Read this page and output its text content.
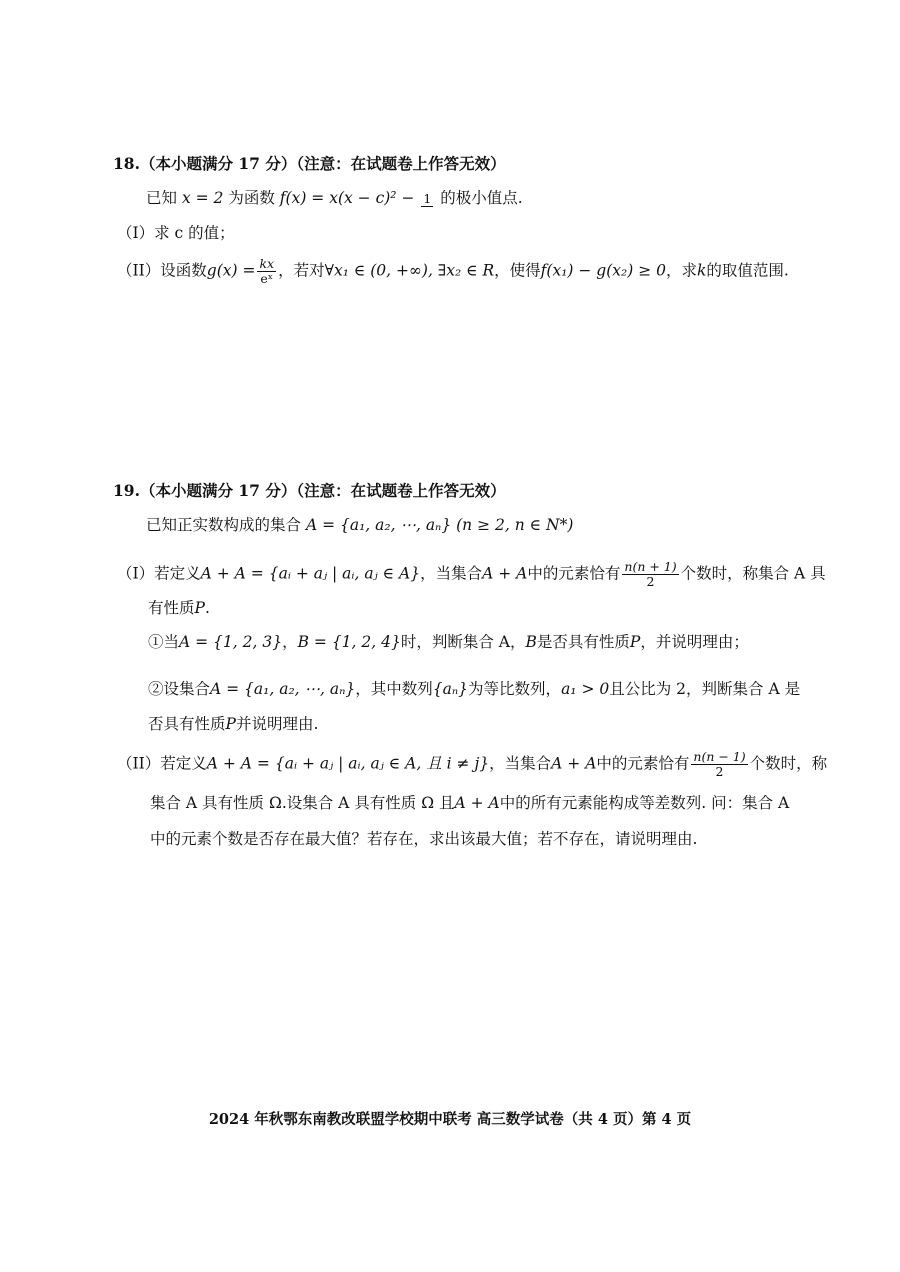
18.（本小题满分 17 分）（注意：在试题卷上作答无效）
已知 x = 2 为函数 f(x) = x(x − c)² − 1 的极小值点.
（I）求 c 的值；
（II）设函数$g(x) = \frac{kx}{\text{eˣ}}$ ，若对∀x₁ ∈ (0, +∞), ∃x₂ ∈ R，使得f(x₁) − g(x₂) ≥ 0，求k的取值范围.
19.（本小题满分 17 分）（注意：在试题卷上作答无效）
已知正实数构成的集合 A = {a₁, a₂, ⋯, aₙ} (n ≥ 2, n ∈ N*)
（I）若定义A + A = {aᵢ + aⱼ | aᵢ, aⱼ ∈ A}，当集合A + A中的元素恰有 $\frac{n(n + 1)}{2}$ 个数时，称集合 A 具
有性质P.
①当A = {1, 2, 3}，B = {1, 2, 4}时，判断集合 A，B是否具有性质P，并说明理由；
②设集合A = {a₁, a₂, ⋯, aₙ}，其中数列{aₙ}为等比数列，a₁ > 0且公比为 2，判断集合 A 是
否具有性质P并说明理由.
（II）若定义A + A = {aᵢ + aⱼ | aᵢ, aⱼ ∈ A, 且 i ≠ j}，当集合A + A中的元素恰有 $\frac{n(n - 1)}{2}$ 个数时，称
集合 A 具有性质 Ω.设集合 A 具有性质 Ω 且A + A中的所有元素能构成等差数列. 问：集合 A
中的元素个数是否存在最大值？若存在，求出该最大值；若不存在，请说明理由.
2024 年秋鄂东南教改联盟学校期中联考 高三数学试卷（共 4 页）第 4 页
